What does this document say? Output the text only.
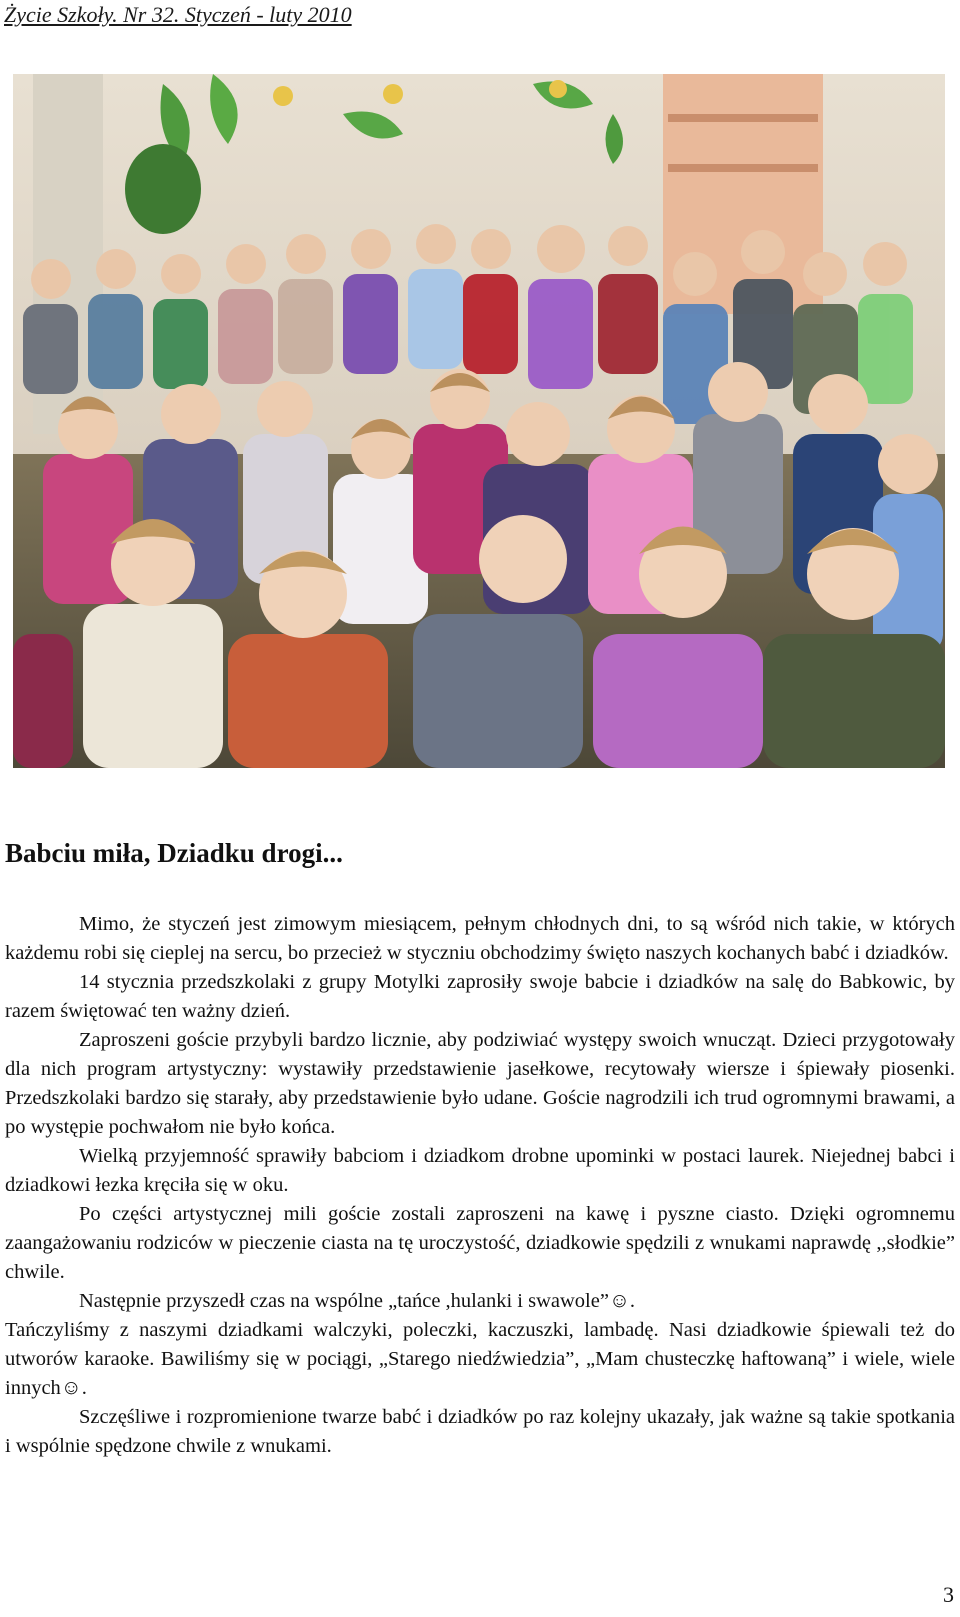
Życie Szkoły. Nr 32. Styczeń - luty 2010
Babciu miła, Dziadku drogi...

Mimo, że styczeń jest zimowym miesiącem, pełnym chłodnych dni, to są wśród nich takie, w których każdemu robi się cieplej na sercu, bo przecież w styczniu obchodzimy święto naszych kochanych babć i dziadków.

14 stycznia przedszkolaki z grupy Motylki zaprosiły swoje babcie i dziadków na salę do Babkowic, by razem świętować ten ważny dzień.

Zaproszeni goście przybyli bardzo licznie, aby podziwiać występy swoich wnucząt. Dzieci przygotowały dla nich program artystyczny: wystawiły przedstawienie jasełkowe, recytowały wiersze i śpiewały piosenki. Przedszkolaki bardzo się starały, aby przedstawienie było udane. Goście nagrodzili ich trud ogromnymi brawami, a po występie pochwałom nie było końca.

Wielką przyjemność sprawiły babciom i dziadkom drobne upominki w postaci laurek. Niejednej babci i dziadkowi łezka kręciła się w oku.

Po części artystycznej mili goście zostali zaproszeni na kawę i pyszne ciasto. Dzięki ogromnemu zaangażowaniu rodziców w pieczenie ciasta na tę uroczystość, dziadkowie spędzili z wnukami naprawdę ,,słodkie” chwile.

Następnie przyszedł czas na wspólne „tańce ,hulanki i swawole”☺.

Tańczyliśmy z naszymi dziadkami walczyki, poleczki, kaczuszki, lambadę. Nasi dziadkowie śpiewali też do utworów karaoke. Bawiliśmy się w pociągi, „Starego niedźwiedzia”, „Mam chusteczkę haftowaną” i wiele, wiele innych☺.

Szczęśliwe i rozpromienione twarze babć i dziadków po raz kolejny ukazały, jak ważne są takie spotkania i wspólnie spędzone chwile z wnukami.

3
